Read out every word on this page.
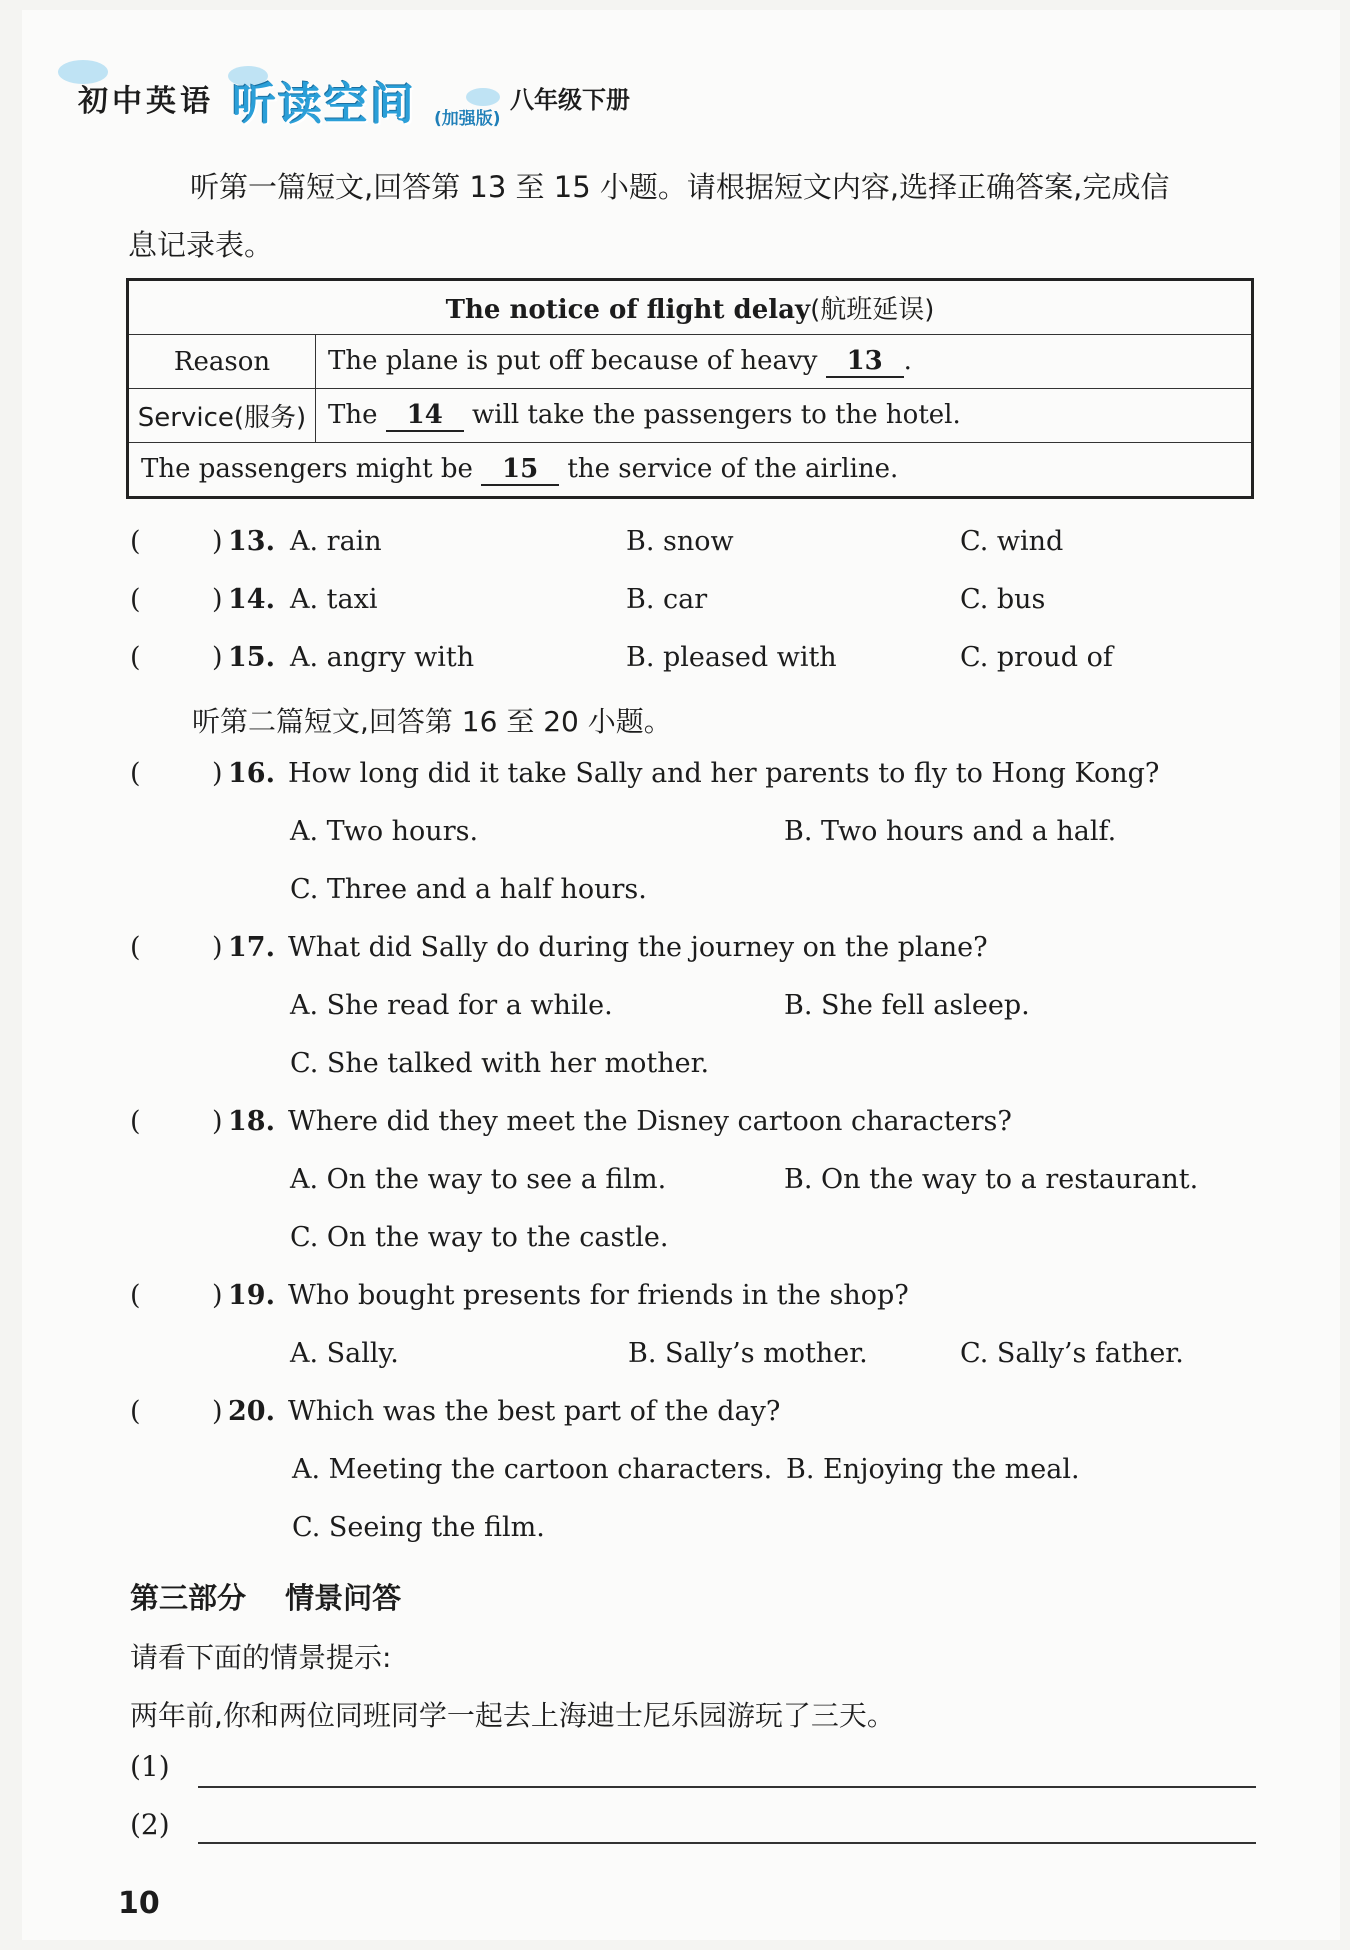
初中英语 听读空间 (加强版)
八年级下册
听第一篇短文,回答第 13 至 15 小题。请根据短文内容,选择正确答案,完成信
息记录表。
The notice of flight delay(航班延误)	
Reason	The plane is put off because of heavy 13 .
Service(服务)	The 14 will take the passengers to the hotel.
The passengers might be 15 the service of the airline.	
(	) 13. A. rain	B. snow	C. wind
(	) 14. A. taxi	B. car	C. bus
(	) 15. A. angry with	B. pleased with	C. proud of
听第二篇短文,回答第 16 至 20 小题。
(	) 16. How long did it take Sally and her parents to fly to Hong Kong?
A. Two hours.	B. Two hours and a half.
C. Three and a half hours.
(	) 17. What did Sally do during the journey on the plane?
A. She read for a while.	B. She fell asleep.
C. She talked with her mother.
(	) 18. Where did they meet the Disney cartoon characters?
A. On the way to see a film.	B. On the way to a restaurant.
C. On the way to the castle.
(	) 19. Who bought presents for friends in the shop?
A. Sally.	B. Sally’s mother.	C. Sally’s father.
(	) 20. Which was the best part of the day?
A. Meeting the cartoon characters. B. Enjoying the meal.
C. Seeing the film.
第三部分　 情景问答
请看下面的情景提示:
两年前,你和两位同班同学一起去上海迪士尼乐园游玩了三天。
(1)
(2)
10
